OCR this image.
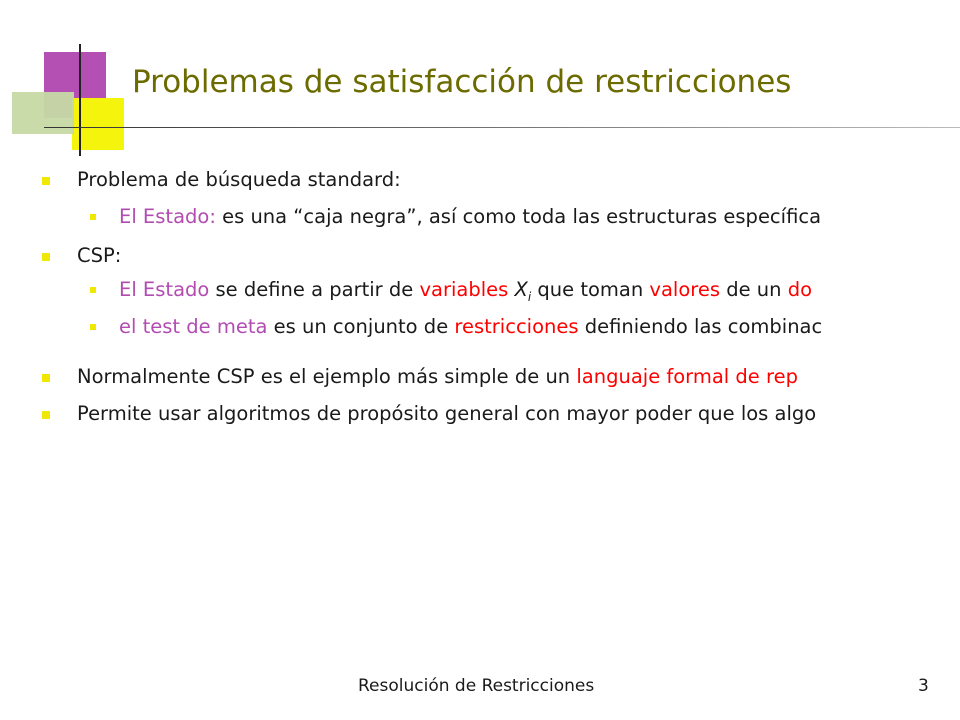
Problemas de satisfacción de restricciones
Problema de búsqueda standard:
El Estado: es una “caja negra”, así como toda las estructuras específica
CSP:
El Estado se define a partir de variables $X_i$ que toman valores de un do
el test de meta es un conjunto de restricciones definiendo las combinac
Normalmente CSP es el ejemplo más simple de un languaje formal de rep
Permite usar algoritmos de propósito general con mayor poder que los algo
Resolución de Restricciones	3
